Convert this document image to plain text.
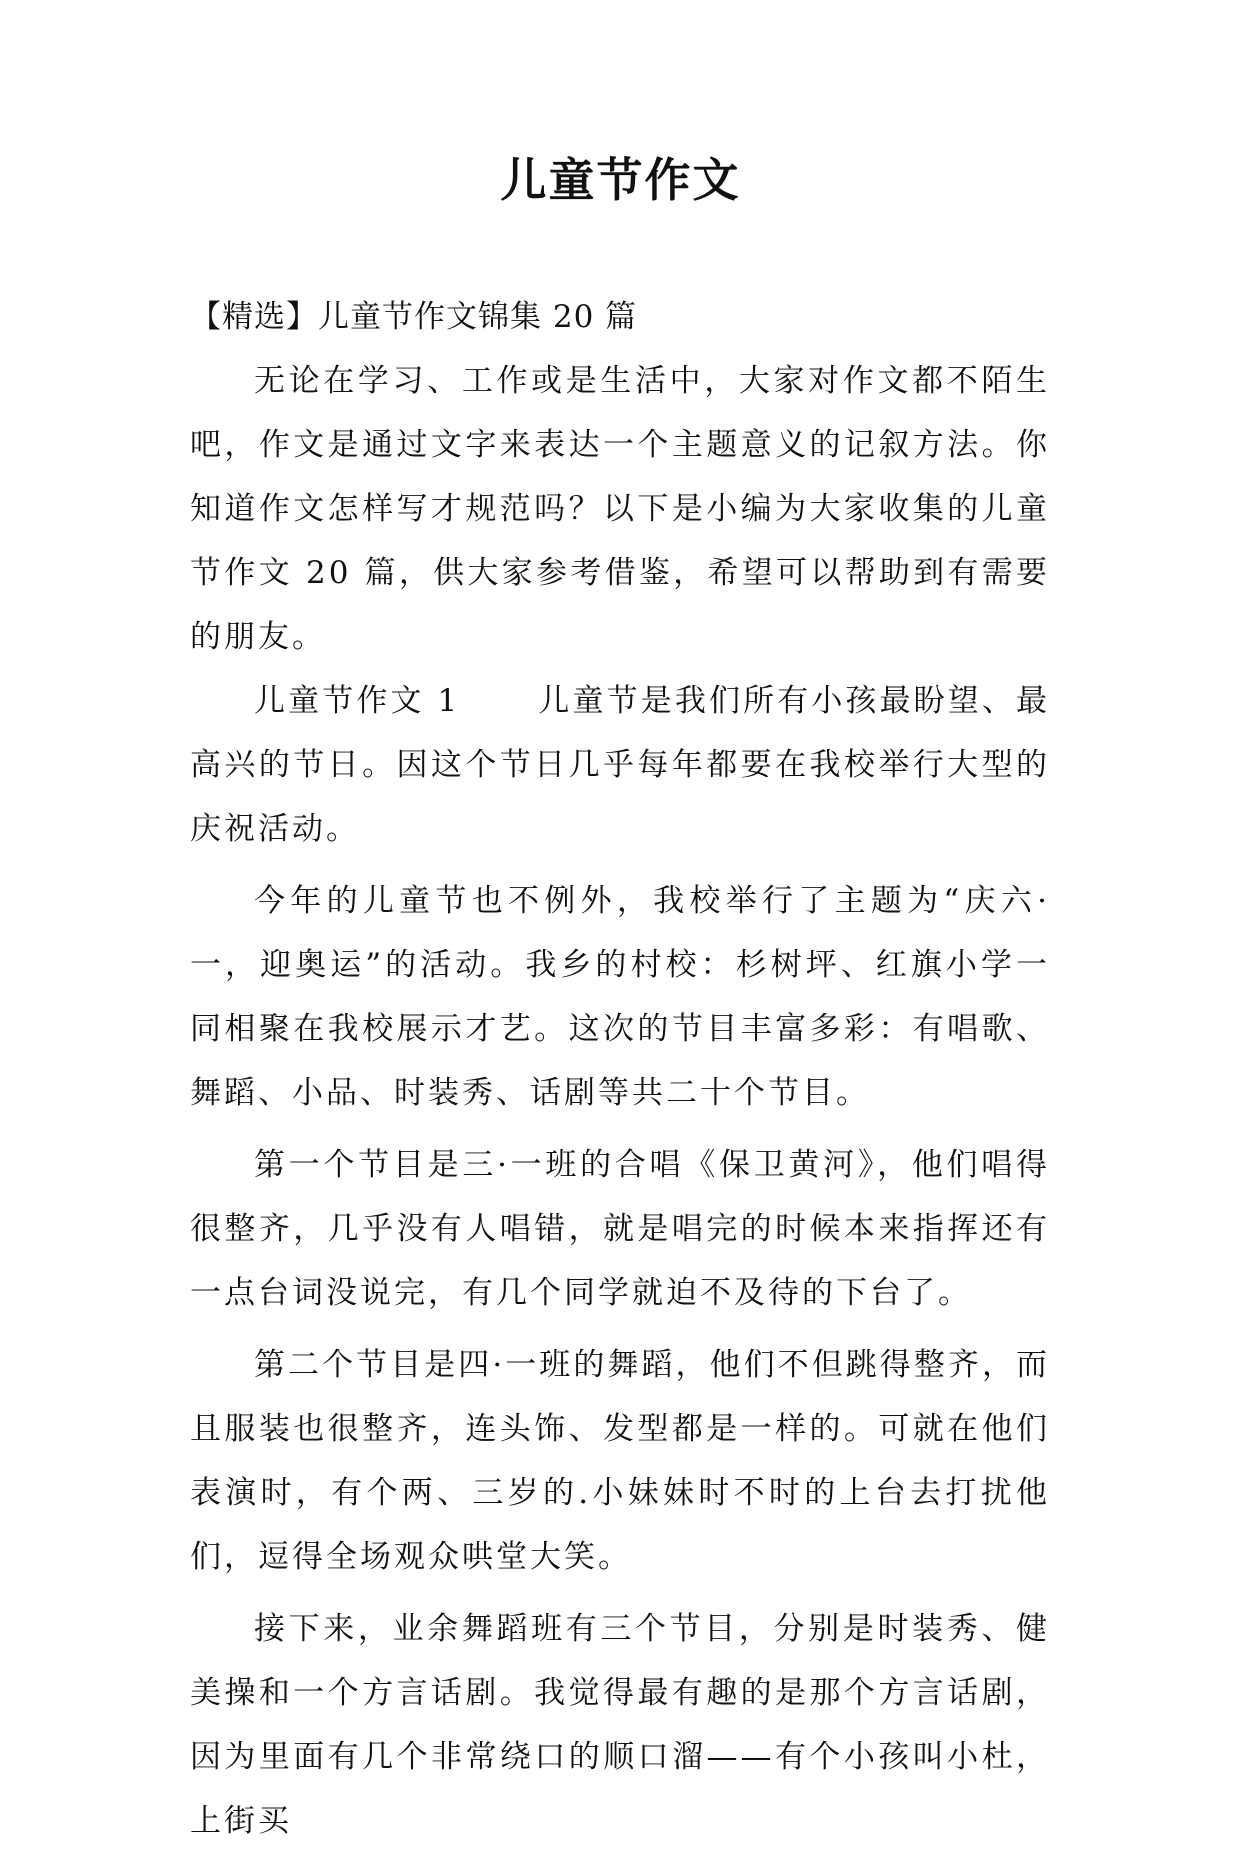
儿童节作文

【精选】儿童节作文锦集 20 篇

无论在学习、工作或是生活中，大家对作文都不陌生吧，作文是通过文字来表达一个主题意义的记叙方法。你知道作文怎样写才规范吗？以下是小编为大家收集的儿童节作文 20 篇，供大家参考借鉴，希望可以帮助到有需要的朋友。

儿童节作文 1	儿童节是我们所有小孩最盼望、最高兴的节日。因这个节日几乎每年都要在我校举行大型的庆祝活动。

今年的儿童节也不例外，我校举行了主题为“庆六·一，迎奥运”的活动。我乡的村校：杉树坪、红旗小学一同相聚在我校展示才艺。这次的节目丰富多彩：有唱歌、舞蹈、小品、时装秀、话剧等共二十个节目。

第一个节目是三·一班的合唱《保卫黄河》，他们唱得很整齐，几乎没有人唱错，就是唱完的时候本来指挥还有一点台词没说完，有几个同学就迫不及待的下台了。

第二个节目是四·一班的舞蹈，他们不但跳得整齐，而且服装也很整齐，连头饰、发型都是一样的。可就在他们表演时，有个两、三岁的.小妹妹时不时的上台去打扰他们，逗得全场观众哄堂大笑。

接下来，业余舞蹈班有三个节目，分别是时装秀、健美操和一个方言话剧。我觉得最有趣的是那个方言话剧，因为里面有几个非常绕口的顺口溜——有个小孩叫小杜，上街买
